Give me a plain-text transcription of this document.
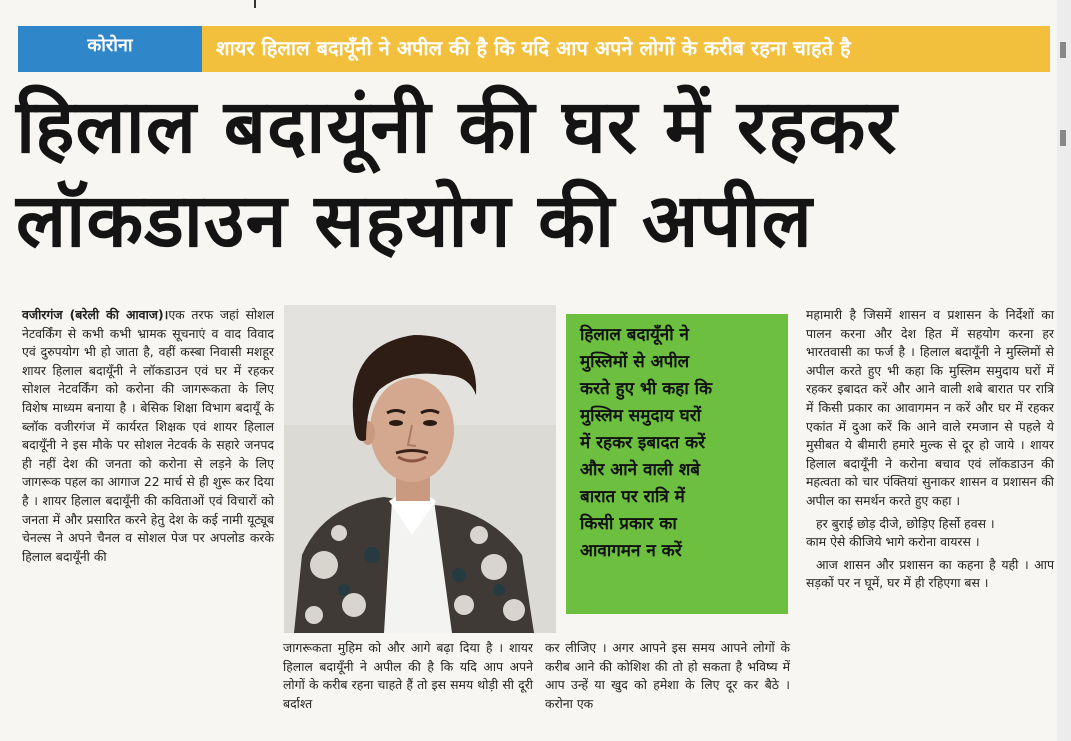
कोरोना	शायर हिलाल बदायूँनी ने अपील की है कि यदि आप अपने लोगों के करीब रहना चाहते है
हिलाल बदायूंनी की घर में रहकर
लॉकडाउन सहयोग की अपील

वजीरगंज (बरेली की आवाज)।एक तरफ जहां सोशल नेटवर्किंग से कभी कभी भ्रामक सूचनाएं व वाद विवाद एवं दुरुपयोग भी हो जाता है, वहीं कस्बा निवासी मशहूर शायर हिलाल बदायूँनी ने लॉकडाउन एवं घर में रहकर सोशल नेटवर्किंग को करोना की जागरूकता के लिए विशेष माध्यम बनाया है । बेसिक शिक्षा विभाग बदायूँ के ब्लॉक वजीरगंज में कार्यरत शिक्षक एवं शायर हिलाल बदायूँनी ने इस मौके पर सोशल नेटवर्क के सहारे जनपद ही नहीं देश की जनता को करोना से लड़ने के लिए जागरूक पहल का आगाज 22 मार्च से ही शुरू कर दिया है । शायर हिलाल बदायूँनी की कविताओं एवं विचारों को जनता में और प्रसारित करने हेतु देश के कई नामी यूट्यूब चेनल्स ने अपने चैनल व सोशल पेज पर अपलोड करके हिलाल बदायूँनी की

हिलाल बदायूँनी ने
मुस्लिमों से अपील
करते हुए भी कहा कि
मुस्लिम समुदाय घरों
में रहकर इबादत करें
और आने वाली शबे
बारात पर रात्रि में
किसी प्रकार का
आवागमन न करें

जागरूकता मुहिम को और आगे बढ़ा दिया है । शायर हिलाल बदायूँनी ने अपील की है कि यदि आप अपने लोगों के करीब रहना चाहते हैं तो इस समय थोड़ी सी दूरी बर्दाश्त

कर लीजिए । अगर आपने इस समय आपने लोगों के करीब आने की कोशिश की तो हो सकता है भविष्य में आप उन्हें या खुद को हमेशा के लिए दूर कर बैठे । करोना एक

महामारी है जिसमें शासन व प्रशासन के निर्देशों का पालन करना और देश हित में सहयोग करना हर भारतवासी का फर्ज है । हिलाल बदायूँनी ने मुस्लिमों से अपील करते हुए भी कहा कि मुस्लिम समुदाय घरों में रहकर इबादत करें और आने वाली शबे बारात पर रात्रि में किसी प्रकार का आवागमन न करें और घर में रहकर एकांत में दुआ करें कि आने वाले रमजान से पहले ये मुसीबत ये बीमारी हमारे मुल्क से दूर हो जाये । शायर हिलाल बदायूँनी ने करोना बचाव एवं लॉकडाउन की महत्वता को चार पंक्तियां सुनाकर शासन व प्रशासन की अपील का समर्थन करते हुए कहा ।
हर बुराई छोड़ दीजे, छोड़िए हिर्सो हवस ।
काम ऐसे कीजिये भागे करोना वायरस ।
आज शासन और प्रशासन का कहना है यही । आप सड़कों पर न घूमें, घर में ही रहिएगा बस ।
